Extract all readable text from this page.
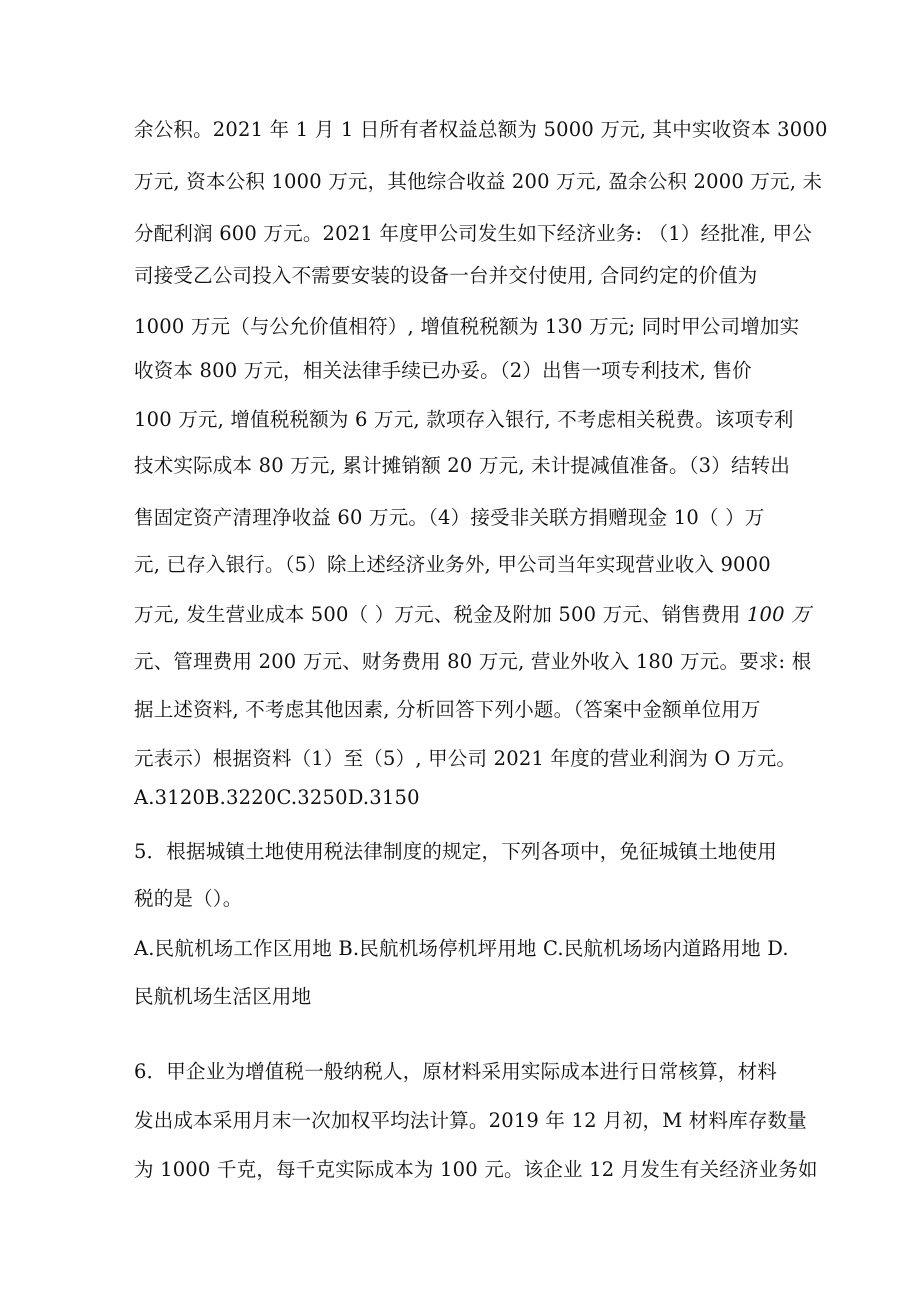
余公积。2021 年 1 月 1 日所有者权益总额为 5000 万元, 其中实收资本 3000
万元, 资本公积 1000 万元，其他综合收益 200 万元, 盈余公积 2000 万元, 未
分配利润 600 万元。2021 年度甲公司发生如下经济业务: （1）经批准, 甲公
司接受乙公司投入不需要安装的设备一台并交付使用, 合同约定的价值为
1000 万元（与公允价值相符）, 增值税税额为 130 万元; 同时甲公司增加实
收资本 800 万元，相关法律手续已办妥。（2）出售一项专利技术, 售价
100 万元, 增值税税额为 6 万元, 款项存入银行, 不考虑相关税费。该项专利
技术实际成本 80 万元, 累计摊销额 20 万元, 未计提减值准备。（3）结转出
售固定资产清理净收益 60 万元。（4）接受非关联方捐赠现金 10（ ）万
元, 已存入银行。（5）除上述经济业务外, 甲公司当年实现营业收入 9000
万元, 发生营业成本 500（ ）万元、税金及附加 500 万元、销售费用 100 万
元、管理费用 200 万元、财务费用 80 万元, 营业外收入 180 万元。要求: 根
据上述资料, 不考虑其他因素, 分析回答下列小题。（答案中金额单位用万
元表示）根据资料（1）至（5）, 甲公司 2021 年度的营业利润为 O 万元。
A.3120B.3220C.3250D.3150
5．根据城镇土地使用税法律制度的规定，下列各项中，免征城镇土地使用
税的是（）。
A.民航机场工作区用地 B.民航机场停机坪用地 C.民航机场场内道路用地 D.
民航机场生活区用地
6．甲企业为增值税一般纳税人，原材料采用实际成本进行日常核算，材料
发出成本采用月末一次加权平均法计算。2019 年 12 月初，M 材料库存数量
为 1000 千克，每千克实际成本为 100 元。该企业 12 月发生有关经济业务如
